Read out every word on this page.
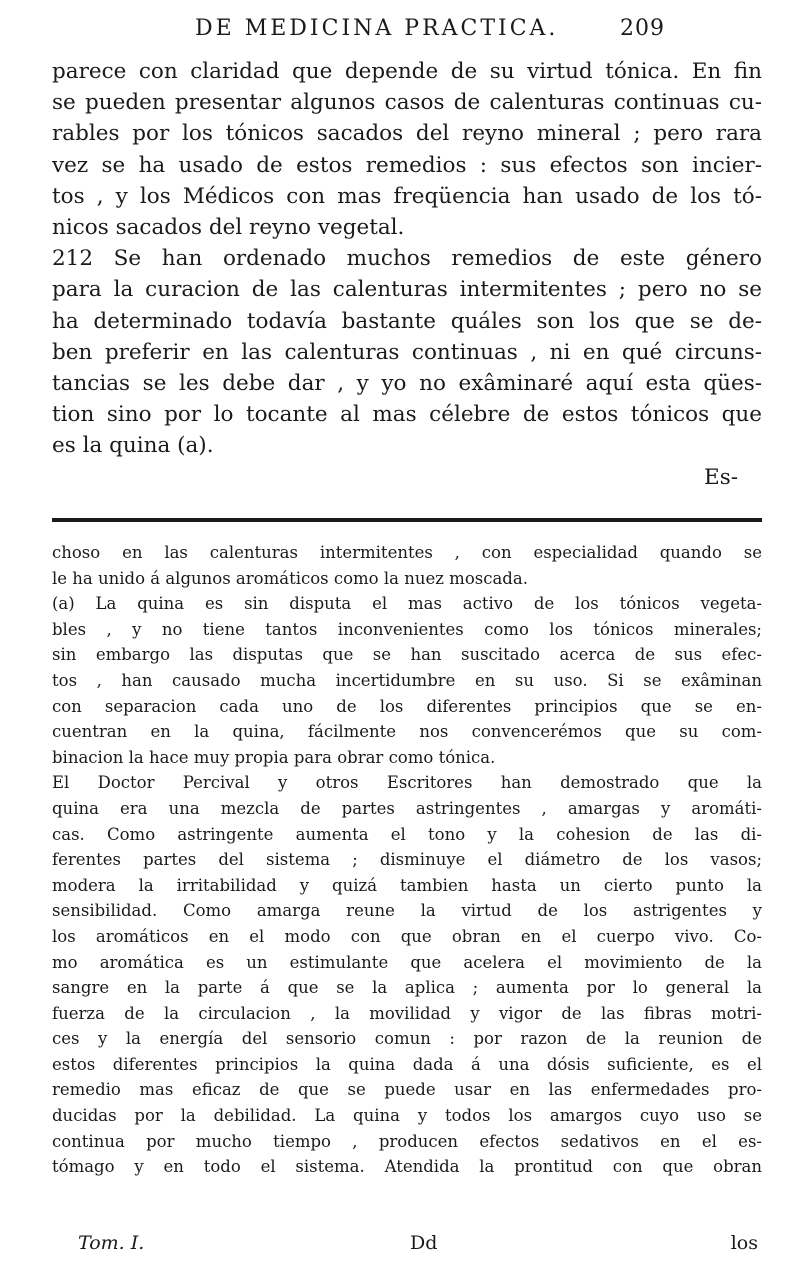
DE MEDICINA PRACTICA.	209
parece con claridad que depende de su virtud tónica. En fin
se pueden presentar algunos casos de calenturas continuas cu-
rables por los tónicos sacados del reyno mineral ; pero rara
vez se ha usado de estos remedios : sus efectos son incier-
tos , y los Médicos con mas freqüencia han usado de los tó-
nicos sacados del reyno vegetal.
212 Se han ordenado muchos remedios de este género
para la curacion de las calenturas intermitentes ; pero no se
ha determinado todavía bastante quáles son los que se de-
ben preferir en las calenturas continuas , ni en qué circuns-
tancias se les debe dar , y yo no exâminaré aquí esta qües-
tion sino por lo tocante al mas célebre de estos tónicos que
es la quina (a).
Es-
choso en las calenturas intermitentes , con especialidad quando se
le ha unido á algunos aromáticos como la nuez moscada.
(a) La quina es sin disputa el mas activo de los tónicos vegeta-
bles , y no tiene tantos inconvenientes como los tónicos minerales;
sin embargo las disputas que se han suscitado acerca de sus efec-
tos , han causado mucha incertidumbre en su uso. Si se exâminan
con separacion cada uno de los diferentes principios que se en-
cuentran en la quina, fácilmente nos convencerémos que su com-
binacion la hace muy propia para obrar como tónica.
El Doctor Percival y otros Escritores han demostrado que la
quina era una mezcla de partes astringentes , amargas y aromáti-
cas. Como astringente aumenta el tono y la cohesion de las di-
ferentes partes del sistema ; disminuye el diámetro de los vasos;
modera la irritabilidad y quizá tambien hasta un cierto punto la
sensibilidad. Como amarga reune la virtud de los astrigentes y
los aromáticos en el modo con que obran en el cuerpo vivo. Co-
mo aromática es un estimulante que acelera el movimiento de la
sangre en la parte á que se la aplica ; aumenta por lo general la
fuerza de la circulacion , la movilidad y vigor de las fibras motri-
ces y la energía del sensorio comun : por razon de la reunion de
estos diferentes principios la quina dada á una dósis suficiente, es el
remedio mas eficaz de que se puede usar en las enfermedades pro-
ducidas por la debilidad. La quina y todos los amargos cuyo uso se
continua por mucho tiempo , producen efectos sedativos en el es-
tómago y en todo el sistema. Atendida la prontitud con que obran
Tom. I.	Dd	los
